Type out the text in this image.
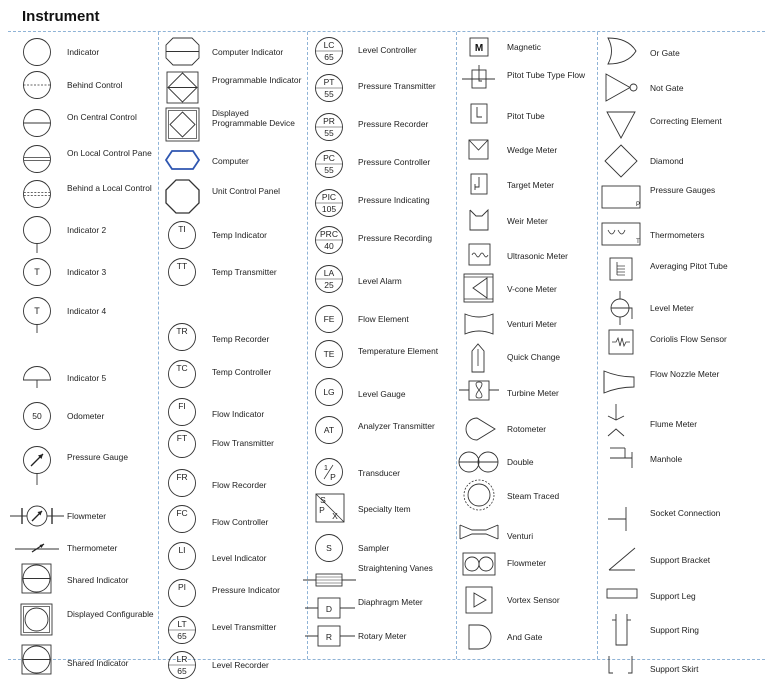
Instrument
Indicator
Behind Control
On Central Control
On Local Control Pane
Behind a Local Control
Indicator 2
T	Indicator 3
T	Indicator 4
Indicator 5
50	Odometer
Pressure Gauge
Flowmeter
Thermometer
Shared Indicator
Displayed Configurable
Shared Indicator
Computer Indicator
Programmable Indicator
Displayed Programmable Device
Computer
Unit Control Panel
TI
Temp Indicator
TT
Temp Transmitter
TR
Temp Recorder
TC	Temp Controller
FI
Flow Indicator
FT	Flow Transmitter
FR
Flow Recorder
FC
Flow Controller
LI
Level Indicator
PI	Pressure Indicator
LT
65
Level Transmitter
LR
65
Level Recorder
LC
65
Level Controller
PT
55
Pressure Transmitter
PR
55
Pressure Recorder
PC
55
Pressure Controller
PIC
105
Pressure Indicating
PRC
40
Pressure Recording
LA
25	Level Alarm
FE	Flow Element
TE	Temperature Element
LG	Level Gauge
AT	Analyzer Transmitter
1
P	Transducer
S
P
X
Specialty Item
S	Sampler
Straightening Vanes
D
Diaphragm Meter
R	Rotary Meter
M	Magnetic
Pitot Tube Type Flow
Pitot Tube
Wedge Meter
Target Meter
Weir Meter
Ultrasonic Meter
V-cone Meter
Venturi Meter
Quick Change
Turbine Meter
Rotometer
Double
Steam Traced
Venturi
Flowmeter
Vortex Sensor
And Gate
Or Gate
Not Gate
Correcting Element
Diamond
P
Pressure Gauges
T
Thermometers
Averaging Pitot Tube
Level Meter
Coriolis Flow Sensor
Flow Nozzle Meter
Flume Meter
Manhole
Socket Connection
Support Bracket
Support Leg
Support Ring
Support Skirt
